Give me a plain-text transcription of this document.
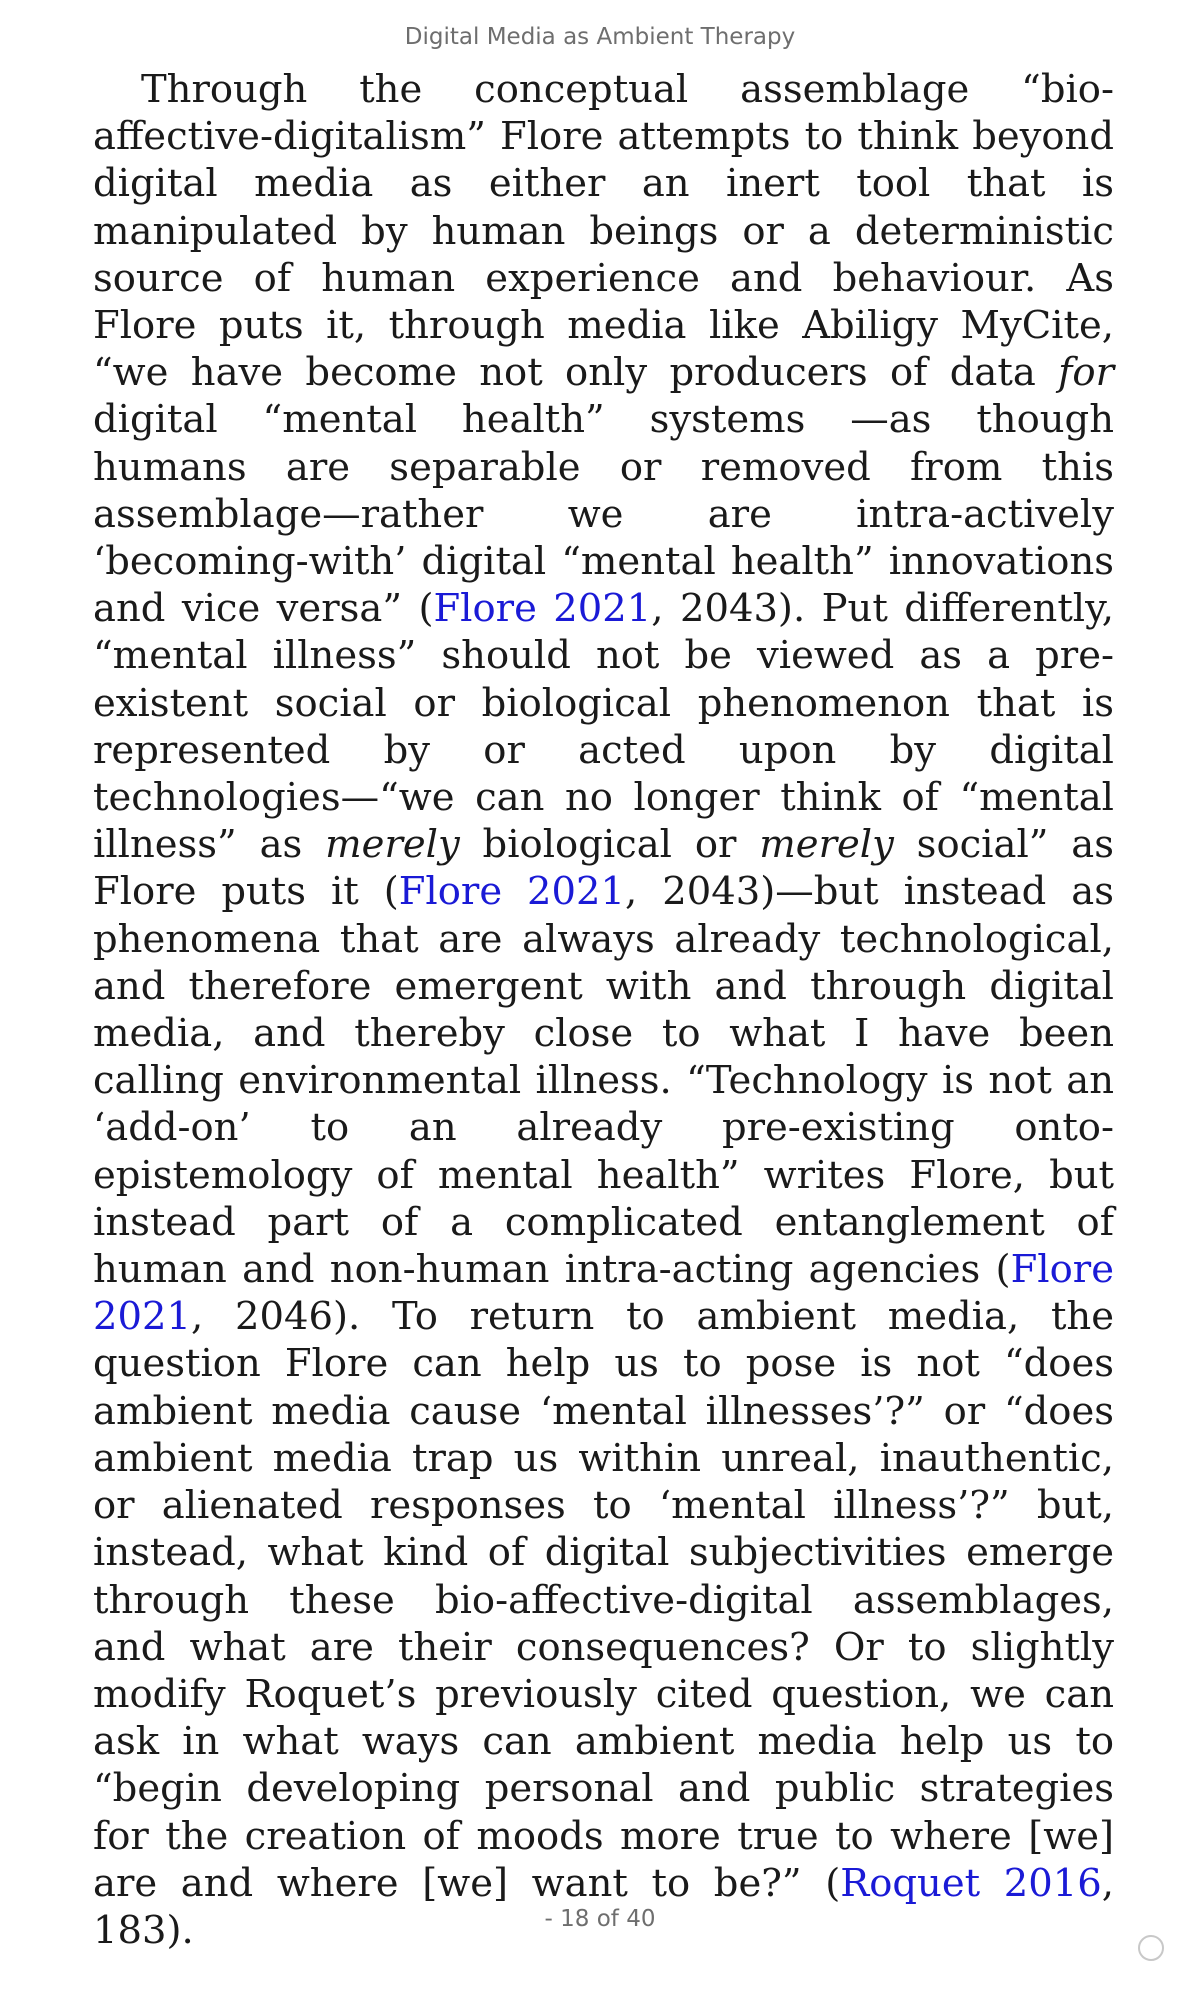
Digital Media as Ambient Therapy

Through the conceptual assemblage “bio-affective-digitalism” Flore attempts to think beyond digital media as either an inert tool that is manipulated by human beings or a deterministic source of human experience and behaviour. As Flore puts it, through media like Abiligy MyCite, “we have become not only producers of data for digital “mental health” systems —as though humans are separable or removed from this assemblage—rather we are intra-actively ‘becoming-with’ digital “mental health” innovations and vice versa” (Flore 2021, 2043). Put differently, “mental illness” should not be viewed as a pre-existent social or biological phenomenon that is represented by or acted upon by digital technologies—“we can no longer think of “mental illness” as merely biological or merely social” as Flore puts it (Flore 2021, 2043)—but instead as phenomena that are always already technological, and therefore emergent with and through digital media, and thereby close to what I have been calling environmental illness. “Technology is not an ‘add-on’ to an already pre-existing onto-epistemology of mental health” writes Flore, but instead part of a complicated entanglement of human and non-human intra-acting agencies (Flore 2021, 2046). To return to ambient media, the question Flore can help us to pose is not “does ambient media cause ‘mental illnesses’?” or “does ambient media trap us within unreal, inauthentic, or alienated responses to ‘mental illness’?” but, instead, what kind of digital subjectivities emerge through these bio-affective-digital assemblages, and what are their consequences? Or to slightly modify Roquet’s previously cited question, we can ask in what ways can ambient media help us to “begin developing personal and public strategies for the creation of moods more true to where [we] are and where [we] want to be?” (Roquet 2016, 183).	- 18 of 40
